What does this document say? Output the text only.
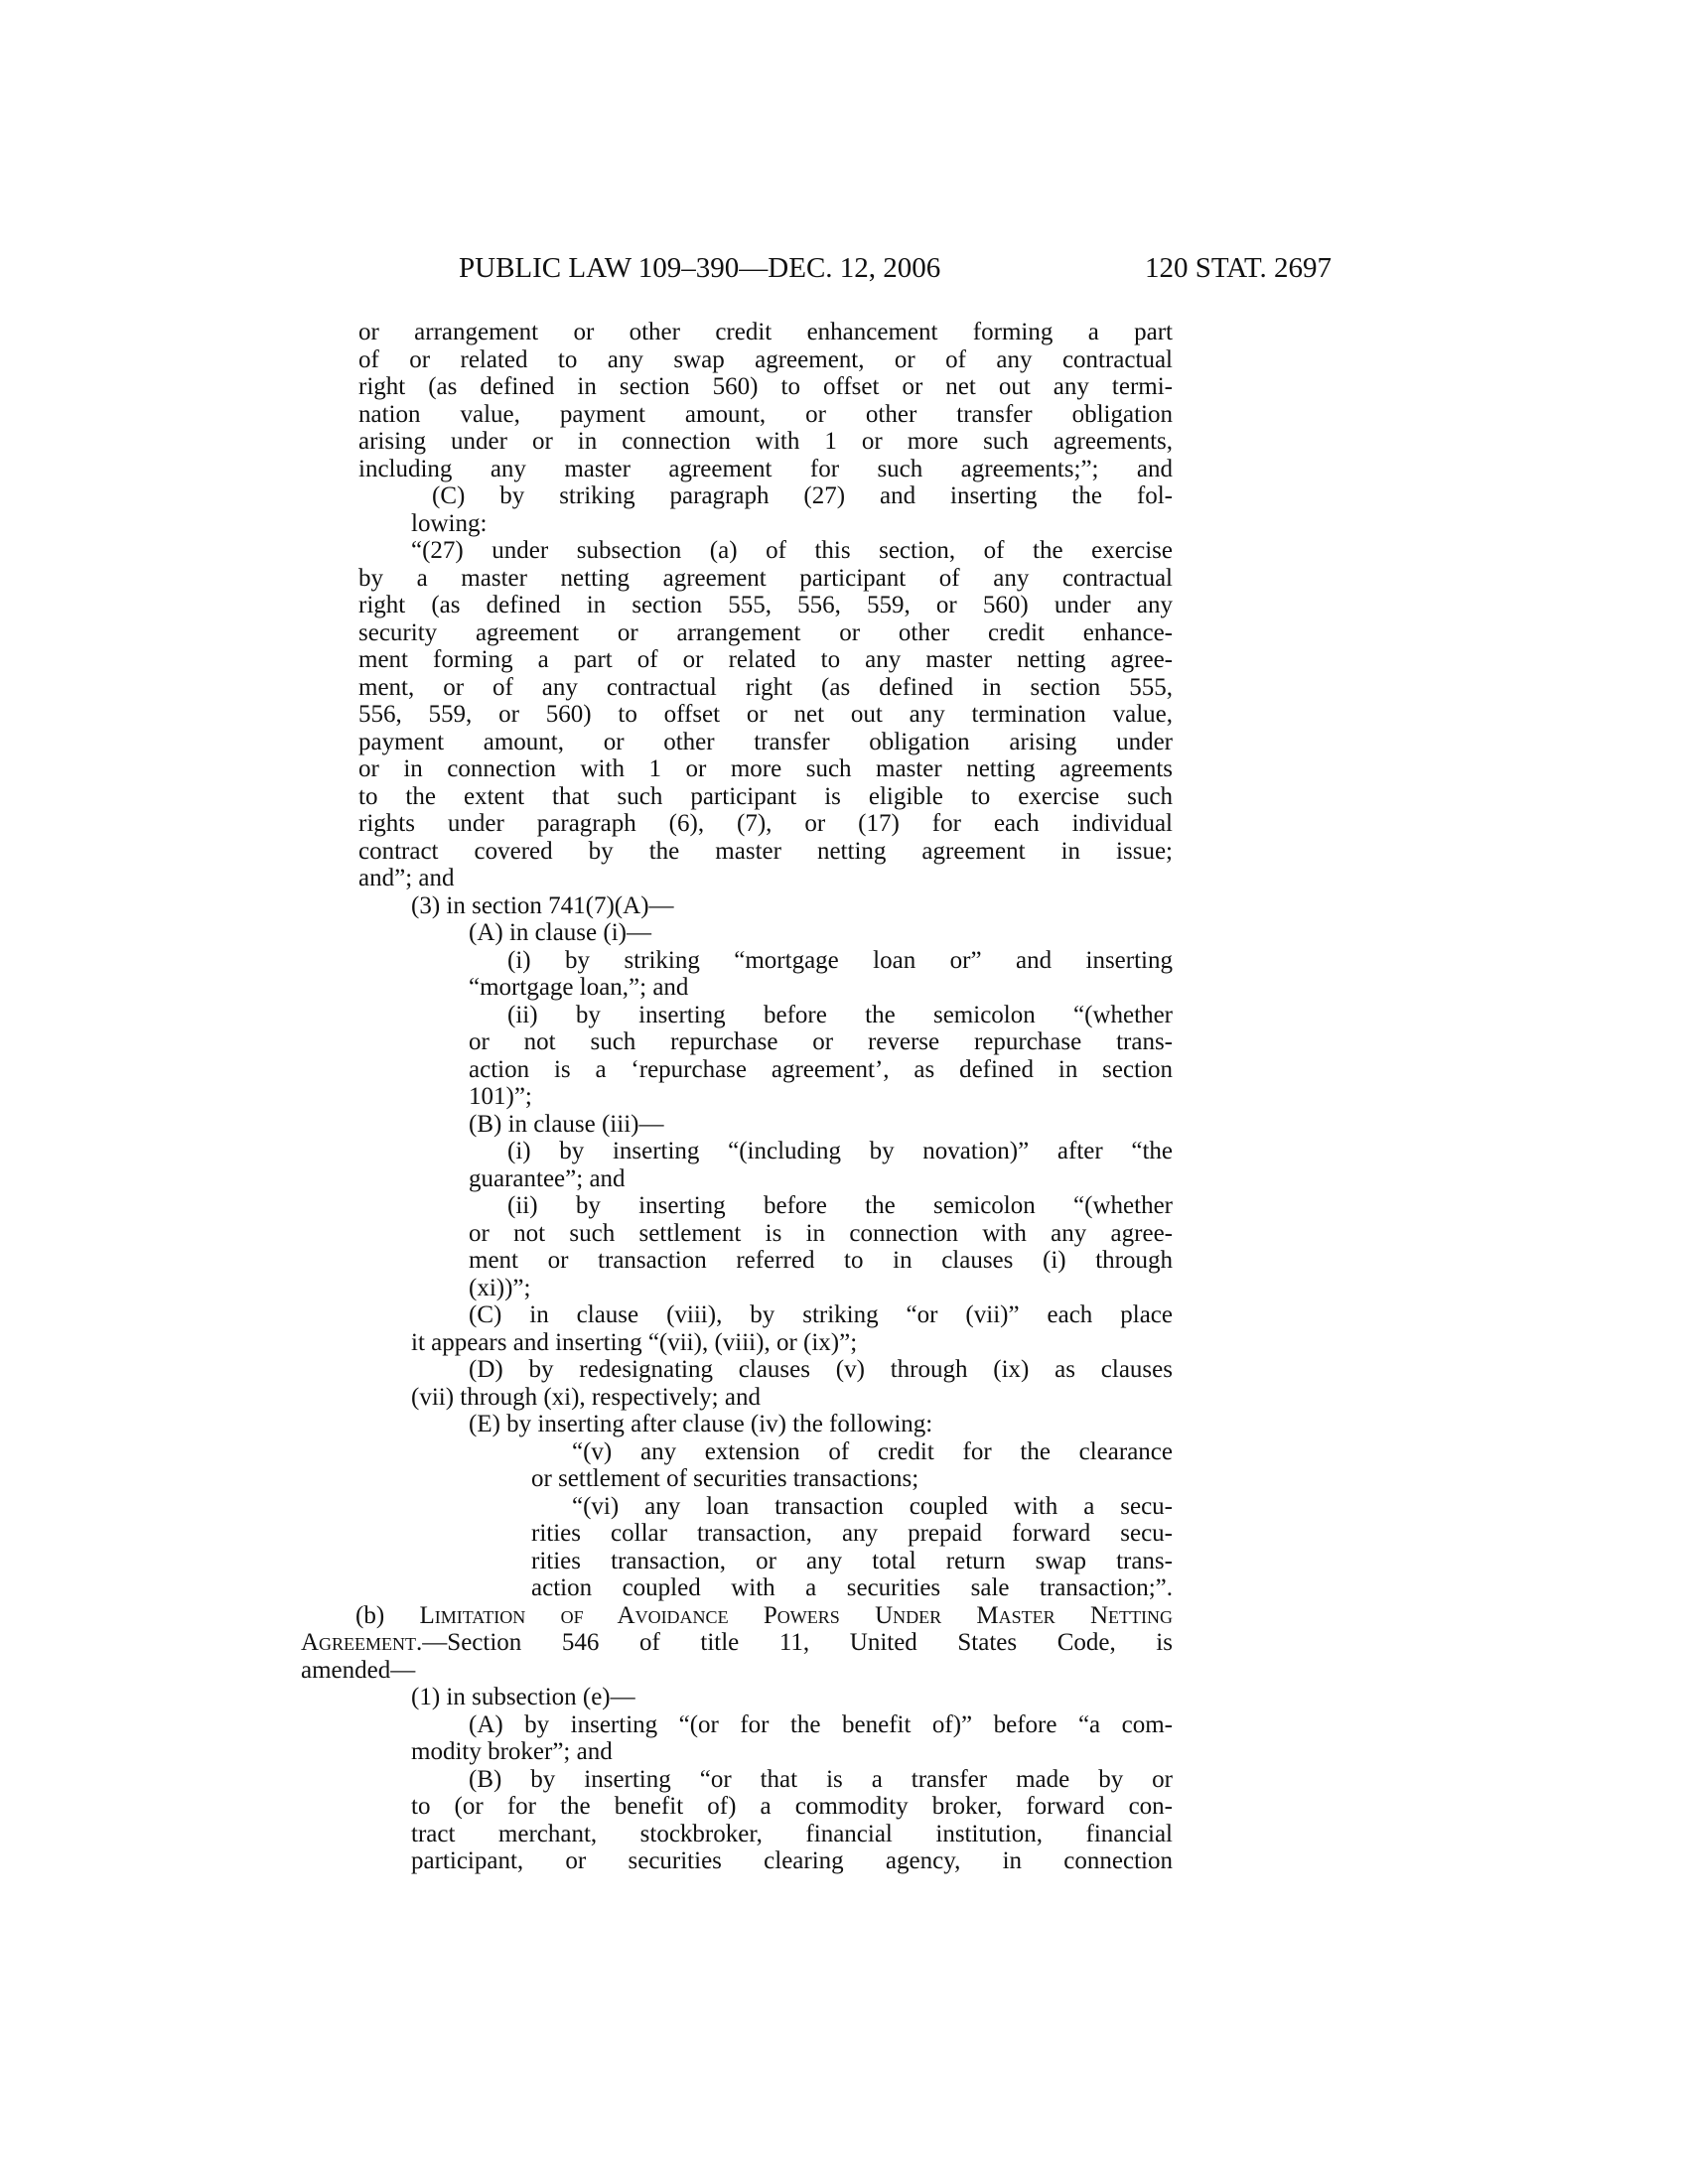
PUBLIC LAW 109–390—DEC. 12, 2006	120 STAT. 2697
or arrangement or other credit enhancement forming a part
of or related to any swap agreement, or of any contractual
right (as defined in section 560) to offset or net out any termi-
nation value, payment amount, or other transfer obligation
arising under or in connection with 1 or more such agreements,
including any master agreement for such agreements;”; and
(C) by striking paragraph (27) and inserting the fol-
lowing:
“(27) under subsection (a) of this section, of the exercise
by a master netting agreement participant of any contractual
right (as defined in section 555, 556, 559, or 560) under any
security agreement or arrangement or other credit enhance-
ment forming a part of or related to any master netting agree-
ment, or of any contractual right (as defined in section 555,
556, 559, or 560) to offset or net out any termination value,
payment amount, or other transfer obligation arising under
or in connection with 1 or more such master netting agreements
to the extent that such participant is eligible to exercise such
rights under paragraph (6), (7), or (17) for each individual
contract covered by the master netting agreement in issue;
and”; and
(3) in section 741(7)(A)—
(A) in clause (i)—
(i) by striking “mortgage loan or” and inserting
“mortgage loan,”; and
(ii) by inserting before the semicolon “(whether
or not such repurchase or reverse repurchase trans-
action is a ‘repurchase agreement’, as defined in section
101)”;
(B) in clause (iii)—
(i) by inserting “(including by novation)” after “the
guarantee”; and
(ii) by inserting before the semicolon “(whether
or not such settlement is in connection with any agree-
ment or transaction referred to in clauses (i) through
(xi))”;
(C) in clause (viii), by striking “or (vii)” each place
it appears and inserting “(vii), (viii), or (ix)”;
(D) by redesignating clauses (v) through (ix) as clauses
(vii) through (xi), respectively; and
(E) by inserting after clause (iv) the following:
“(v) any extension of credit for the clearance
or settlement of securities transactions;
“(vi) any loan transaction coupled with a secu-
rities collar transaction, any prepaid forward secu-
rities transaction, or any total return swap trans-
action coupled with a securities sale transaction;”.
(b) Limitation of Avoidance Powers Under Master Netting
Agreement.—Section 546 of title 11, United States Code, is
amended—
(1) in subsection (e)—
(A) by inserting “(or for the benefit of)” before “a com-
modity broker”; and
(B) by inserting “or that is a transfer made by or
to (or for the benefit of) a commodity broker, forward con-
tract merchant, stockbroker, financial institution, financial
participant, or securities clearing agency, in connection
